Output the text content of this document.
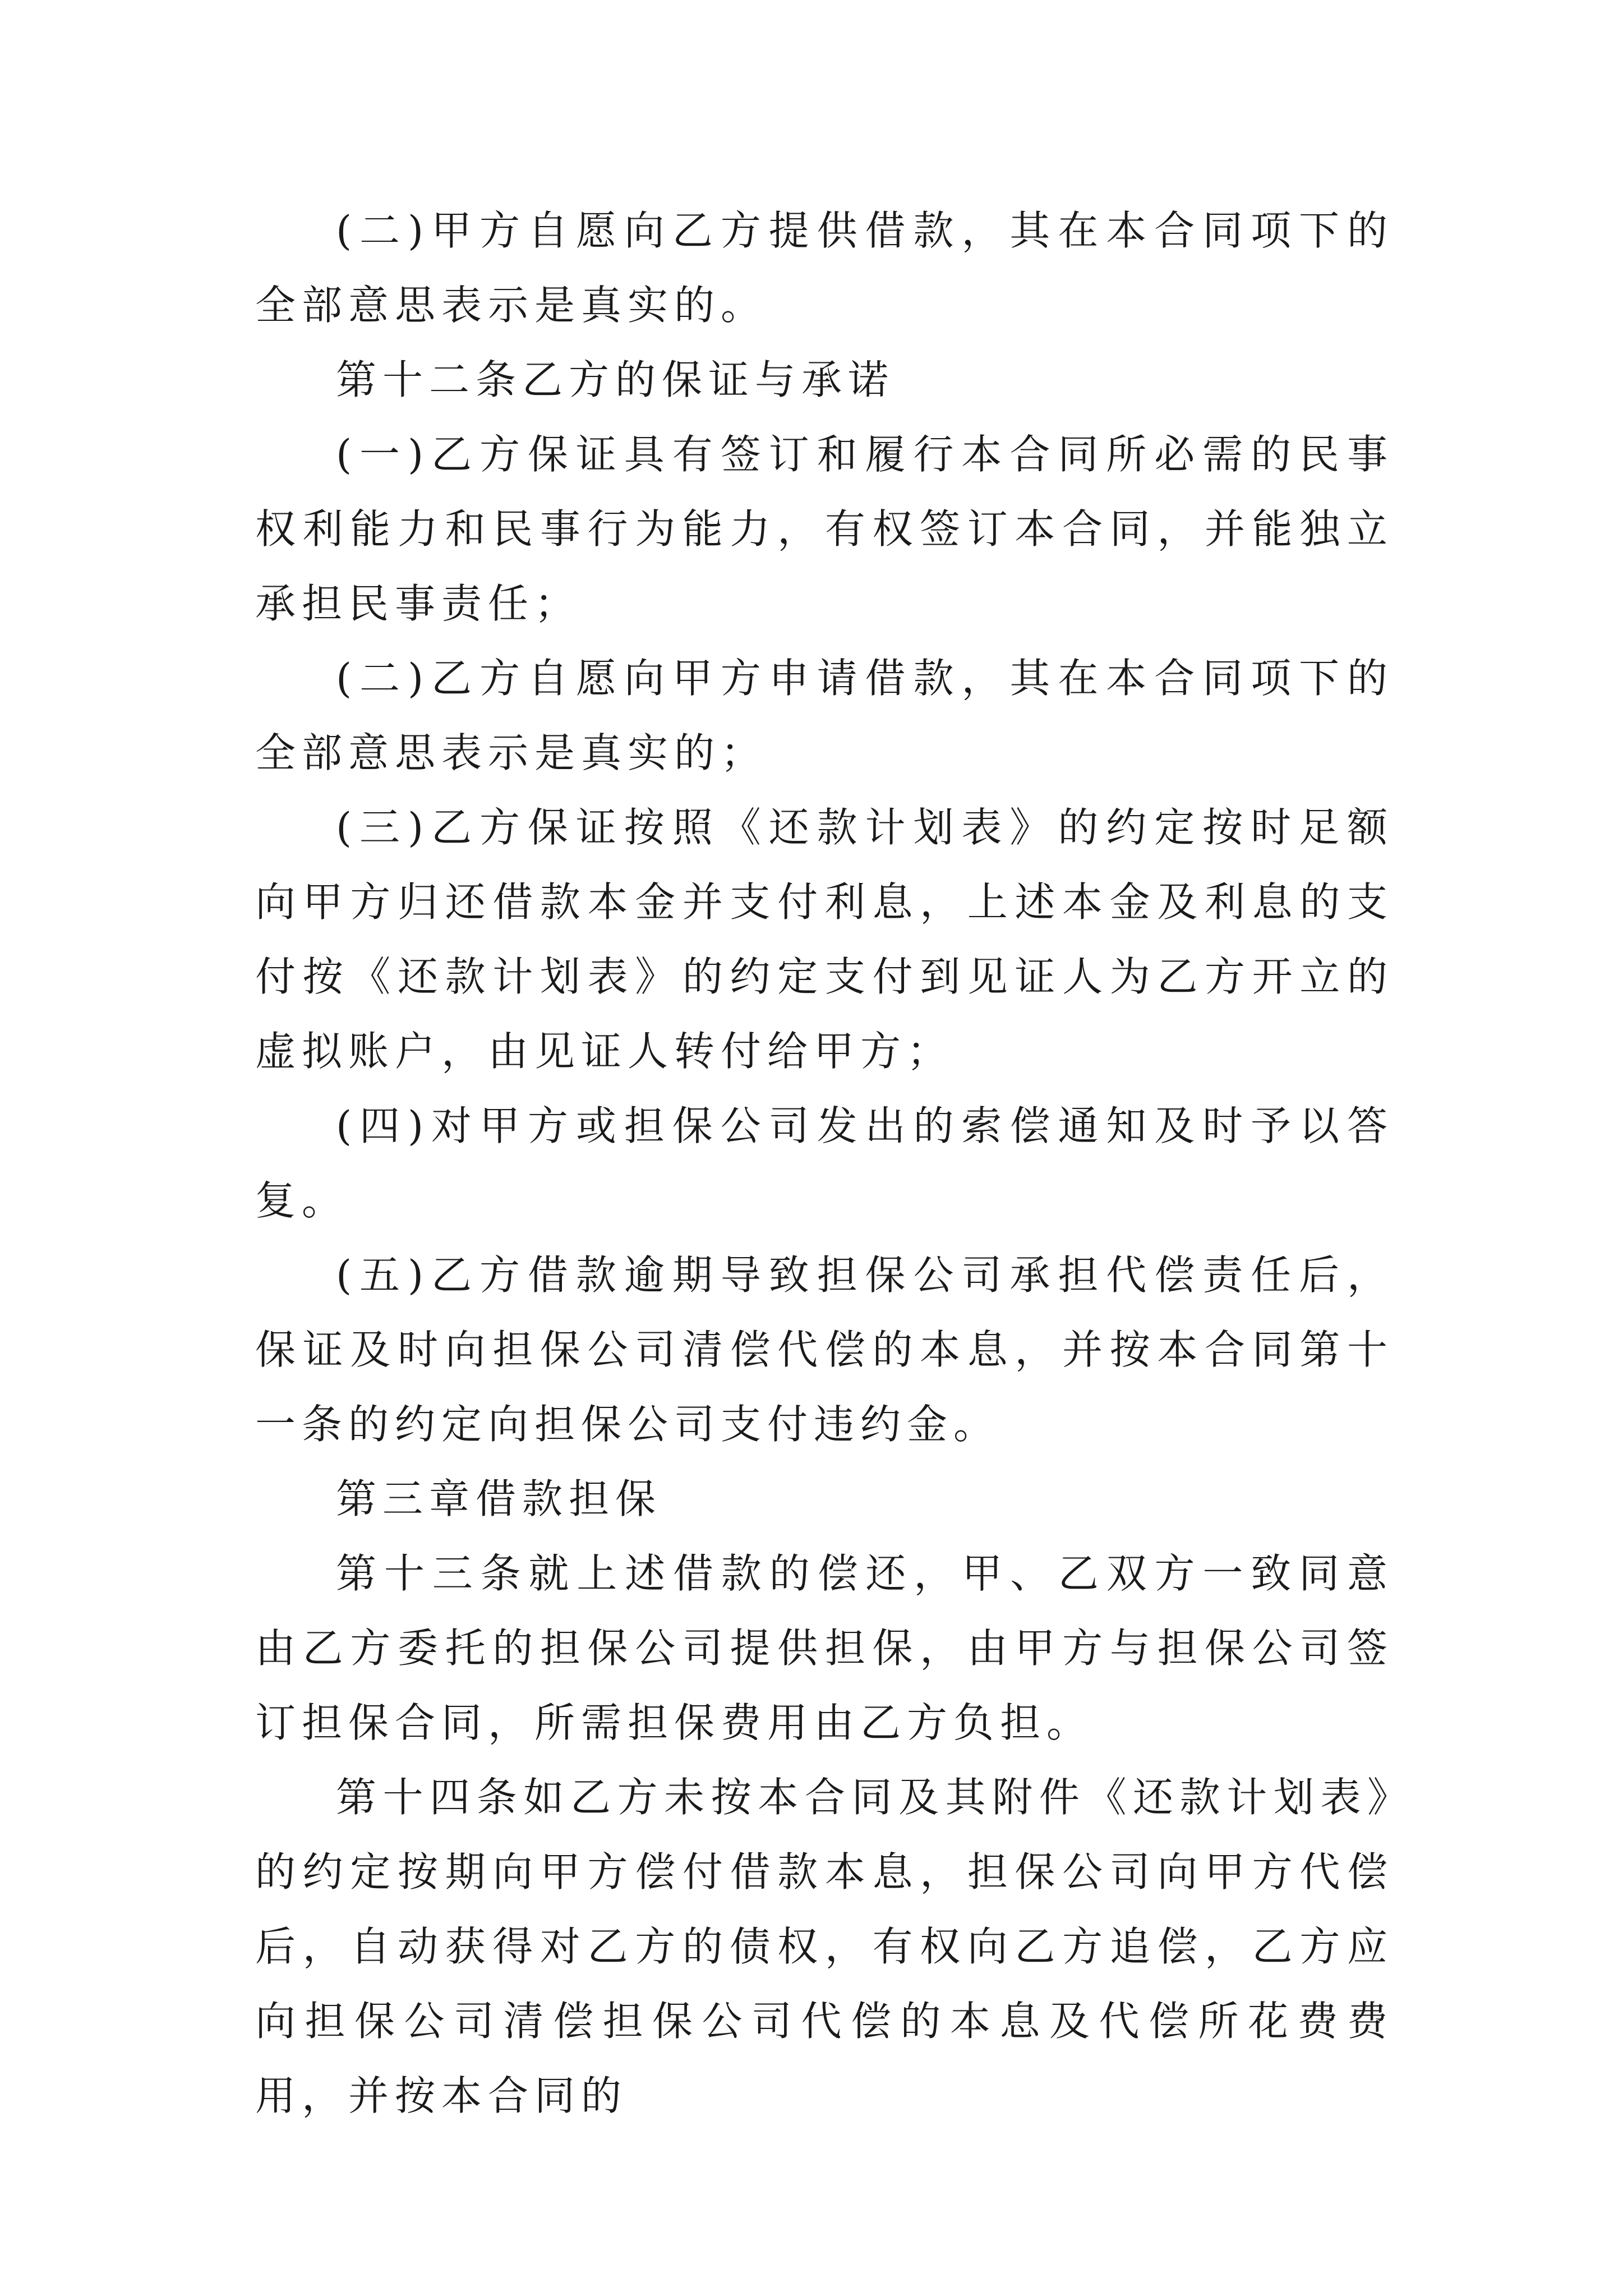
(二)甲方自愿向乙方提供借款，其在本合同项下的全部意思表示是真实的。

第十二条乙方的保证与承诺

(一)乙方保证具有签订和履行本合同所必需的民事权利能力和民事行为能力，有权签订本合同，并能独立承担民事责任；

(二)乙方自愿向甲方申请借款，其在本合同项下的全部意思表示是真实的；

(三)乙方保证按照《还款计划表》的约定按时足额向甲方归还借款本金并支付利息，上述本金及利息的支付按《还款计划表》的约定支付到见证人为乙方开立的虚拟账户，由见证人转付给甲方；

(四)对甲方或担保公司发出的索偿通知及时予以答复。

(五)乙方借款逾期导致担保公司承担代偿责任后，保证及时向担保公司清偿代偿的本息，并按本合同第十一条的约定向担保公司支付违约金。

第三章借款担保

第十三条就上述借款的偿还，甲、乙双方一致同意由乙方委托的担保公司提供担保，由甲方与担保公司签订担保合同，所需担保费用由乙方负担。

第十四条如乙方未按本合同及其附件《还款计划表》的约定按期向甲方偿付借款本息，担保公司向甲方代偿后，自动获得对乙方的债权，有权向乙方追偿，乙方应向担保公司清偿担保公司代偿的本息及代偿所花费费用，并按本合同的
